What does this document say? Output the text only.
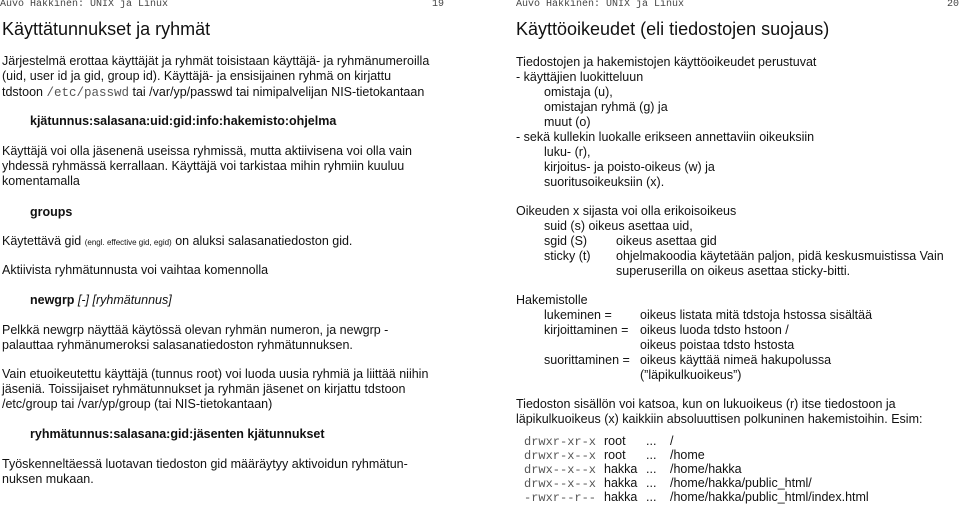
Auvo Häkkinen: UNIX ja Linux	19
Käyttätunnukset ja ryhmät
Järjestelmä erottaa käyttäjät ja ryhmät toisistaan käyttäjä- ja ryhmänumeroilla
(uid, user id ja gid, group id). Käyttäjä- ja ensisijainen ryhmä on kirjattu
tdstoon /etc/passwd tai /var/yp/passwd tai nimipalvelijan NIS-tietokantaan
kjätunnus:salasana:uid:gid:info:hakemisto:ohjelma
Käyttäjä voi olla jäsenenä useissa ryhmissä, mutta aktiivisena voi olla vain
yhdessä ryhmässä kerrallaan. Käyttäjä voi tarkistaa mihin ryhmiin kuuluu
komentamalla
groups
Käytettävä gid (engl. effective gid, egid) on aluksi salasanatiedoston gid.
Aktiivista ryhmätunnusta voi vaihtaa komennolla
newgrp [-] [ryhmätunnus]
Pelkkä newgrp näyttää käytössä olevan ryhmän numeron, ja newgrp -
palauttaa ryhmänumeroksi salasanatiedoston ryhmätunnuksen.
Vain etuoikeutettu käyttäjä (tunnus root) voi luoda uusia ryhmiä ja liittää niihin
jäseniä. Toissijaiset ryhmätunnukset ja ryhmän jäsenet on kirjattu tdstoon
/etc/group tai /var/yp/group (tai NIS-tietokantaan)
ryhmätunnus:salasana:gid:jäsenten kjätunnukset
Työskenneltäessä luotavan tiedoston gid määräytyy aktivoidun ryhmätun-
nuksen mukaan.
Auvo Häkkinen: UNIX ja Linux	20
Käyttöoikeudet (eli tiedostojen suojaus)
Tiedostojen ja hakemistojen käyttöoikeudet perustuvat
- käyttäjien luokitteluun
omistaja (u),
omistajan ryhmä (g) ja
muut (o)
- sekä kullekin luokalle erikseen annettaviin oikeuksiin
luku- (r),
kirjoitus- ja poisto-oikeus (w) ja
suoritusoikeuksiin (x).
Oikeuden x sijasta voi olla erikoisoikeus
suid (s) oikeus asettaa uid,
sgid (S) oikeus asettaa gid
sticky (t) ohjelmakoodia käytetään paljon, pidä keskusmuistissa Vain
superuserilla on oikeus asettaa sticky-bitti.
Hakemistolle
lukeminen = oikeus listata mitä tdstoja hstossa sisältää
kirjoittaminen = oikeus luoda tdsto hstoon /
oikeus poistaa tdsto hstosta
suorittaminen = oikeus käyttää nimeä hakupolussa
(”läpikulkuoikeus”)
Tiedoston sisällön voi katsoa, kun on lukuoikeus (r) itse tiedostoon ja
läpikulkuoikeus (x) kaikkiin absoluuttisen polkuninen hakemistoihin. Esim:
drwxr-xr-x root ... /
drwxr-x--x root ... /home
drwx--x--x hakka ... /home/hakka
drwx--x--x hakka ... /home/hakka/public_html/
-rwxr--r-- hakka ... /home/hakka/public_html/index.html
